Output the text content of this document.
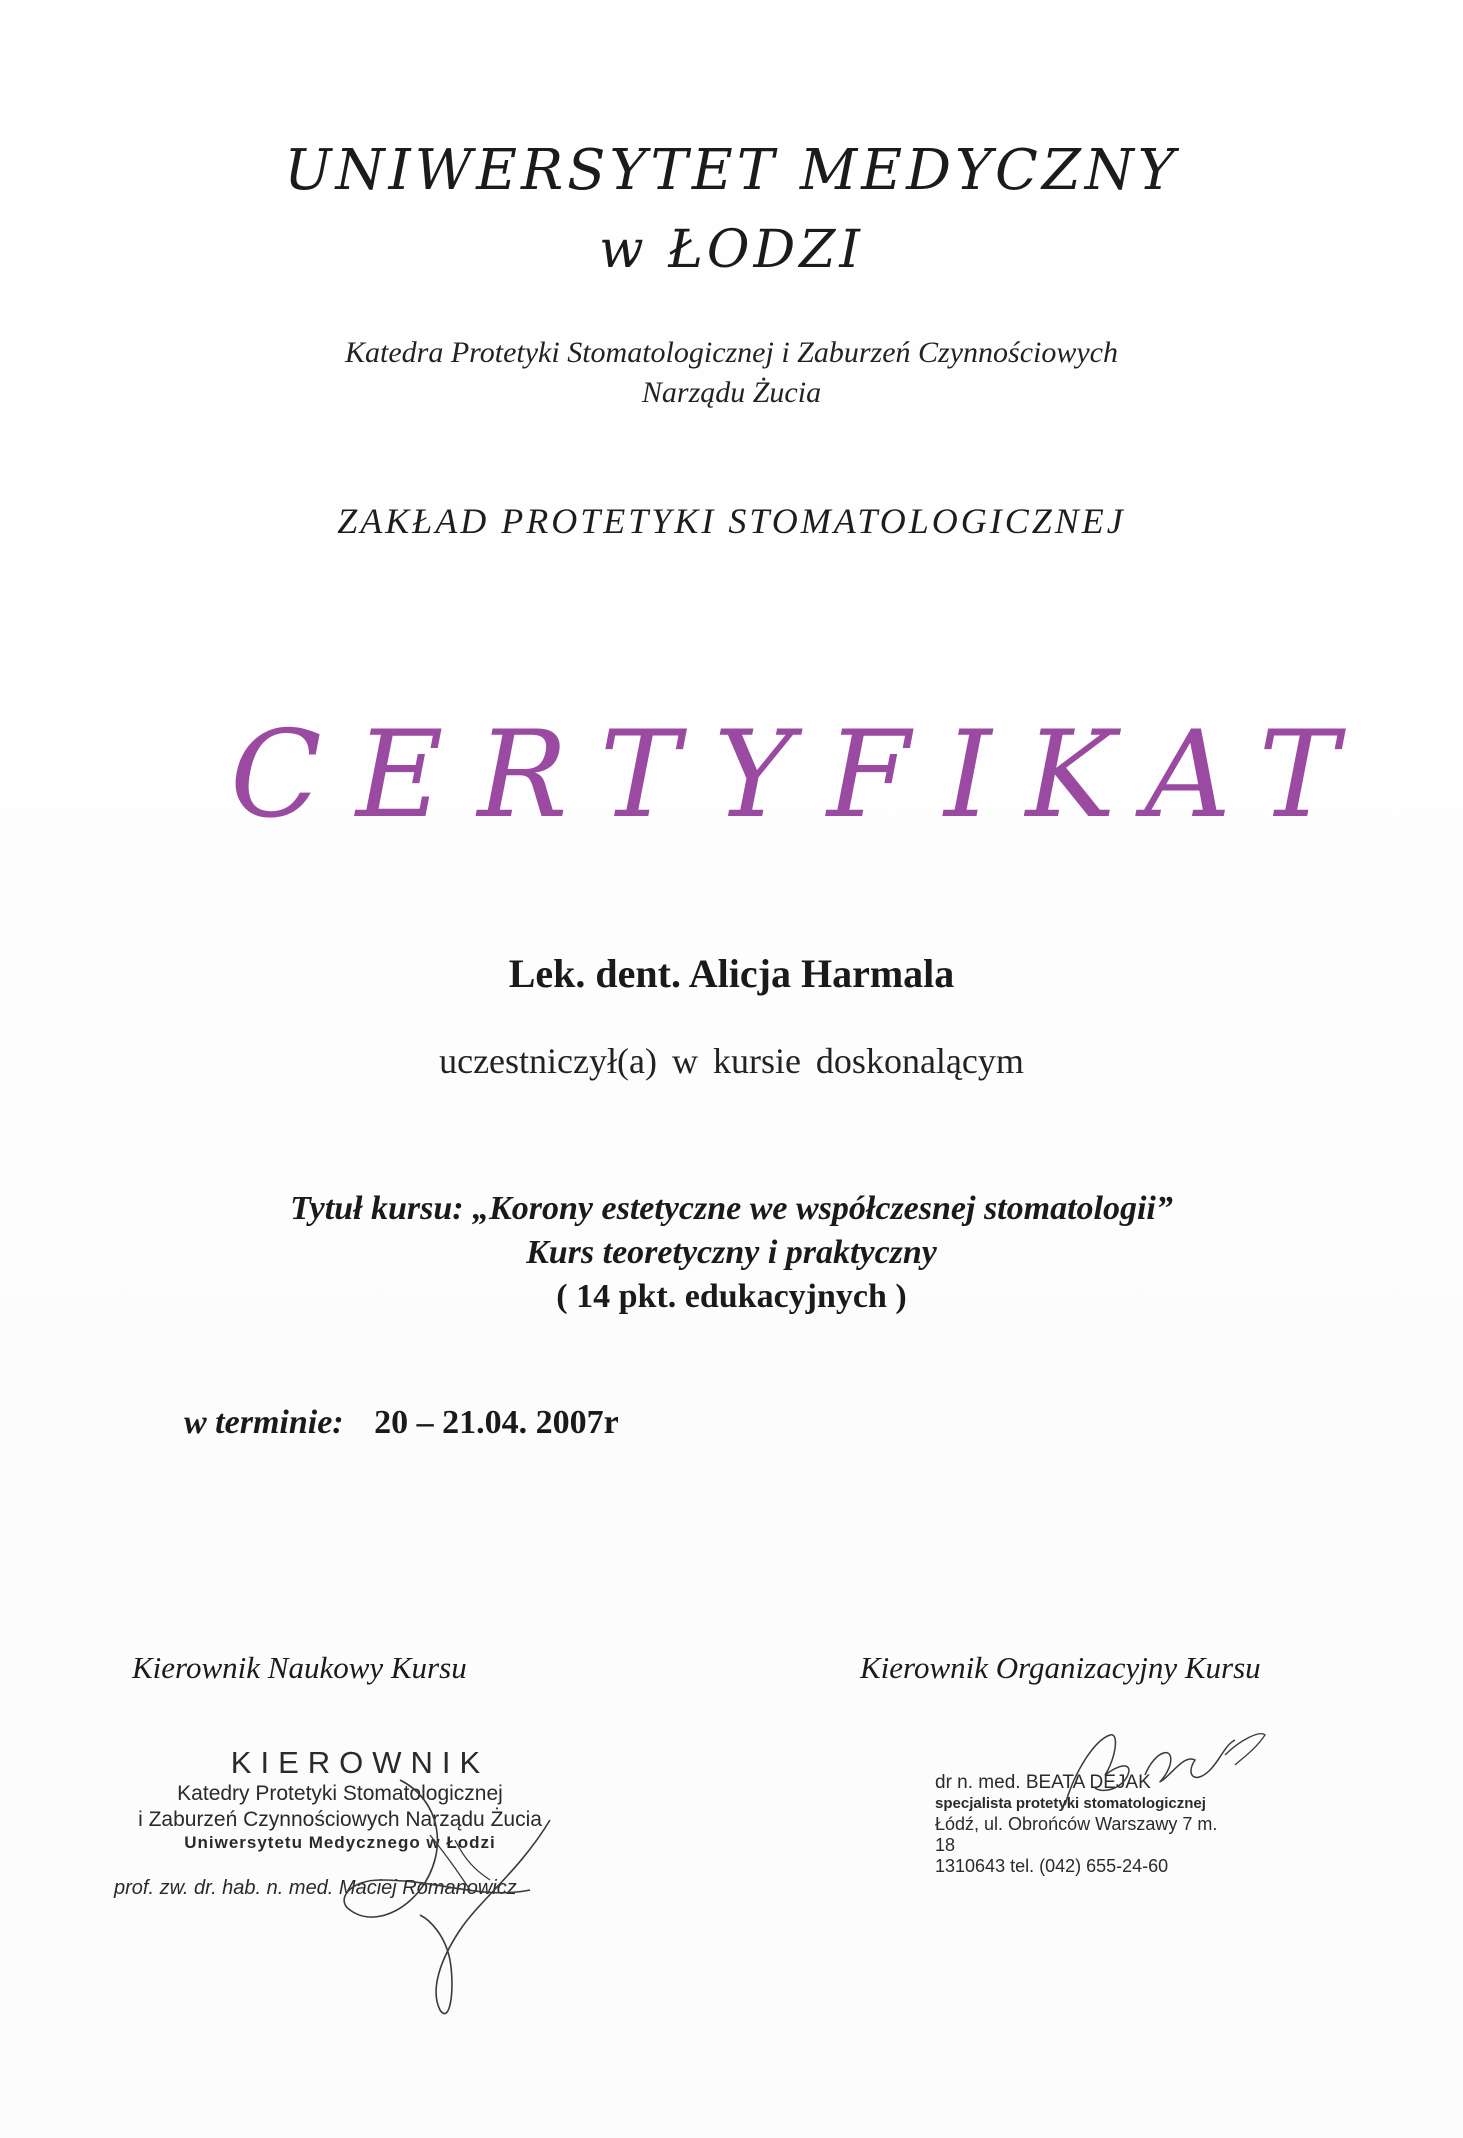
UNIWERSYTET MEDYCZNY
w ŁODZI
Katedra Protetyki Stomatologicznej i Zaburzeń Czynnościowych
Narządu Żucia
ZAKŁAD PROTETYKI STOMATOLOGICZNEJ
CERTYFIKAT
Lek. dent. Alicja Harmala
uczestniczył(a) w kursie doskonalącym
Tytuł kursu: „Korony estetyczne we współczesnej stomatologii”
Kurs teoretyczny i praktyczny
( 14 pkt. edukacyjnych )
w terminie: 20 – 21.04. 2007r
Kierownik Naukowy Kursu	Kierownik Organizacyjny Kursu
KIEROWNIK
Katedry Protetyki Stomatologicznej
i Zaburzeń Czynnościowych Narządu Żucia
Uniwersytetu Medycznego w Łodzi
prof. zw. dr. hab. n. med. Maciej Romanowicz
dr n. med. BEATA DEJAK
specjalista protetyki stomatologicznej
Łódź, ul. Obrońców Warszawy 7 m. 18
1310643 tel. (042) 655-24-60
